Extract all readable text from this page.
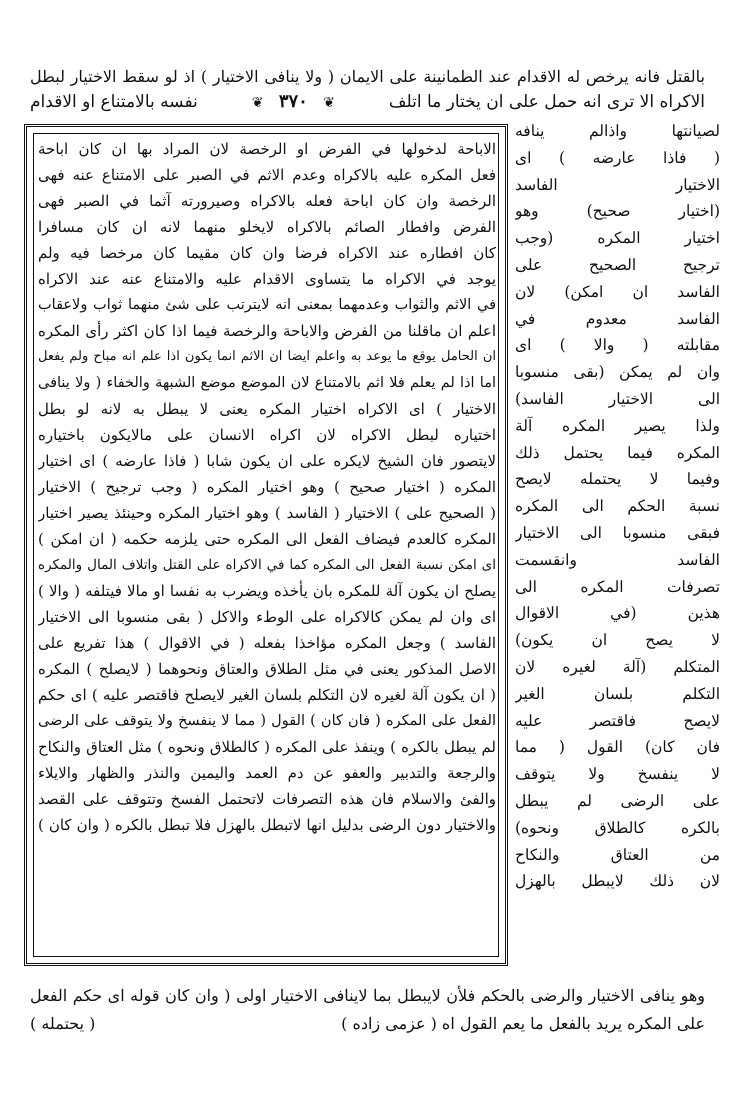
بالقتل فانه يرخص له الاقدام عند الطمانينة على الايمان ( ولا ينافى الاختيار ) اذ لو سقط الاختيار لبطل
الاكراه الا ترى انه حمل على ان يختار ما اتلف
❦ ٣٧٠ ❦
نفسه بالامتناع او الاقدام
لصيانتها واذالم ينافه
( فاذا عارضه ) اى
الاختيار الفاسد
(اختيار صحيح) وهو
اختيار المكره (وجب
ترجيح الصحيح على
الفاسد ان امكن) لان
الفاسد معدوم في
مقابلته ( والا ) اى
وان لم يمكن (بقى منسوبا
الى الاختيار الفاسد)
ولذا يصير المكره آلة
المكره فيما يحتمل ذلك
وفيما لا يحتمله لايصح
نسبة الحكم الى المكره
فبقى منسوبا الى الاختيار
الفاسد وانقسمت
تصرفات المكره الى
هذين (في الاقوال
لا يصح ان يكون)
المتكلم (آلة لغيره لان
التكلم بلسان الغير
لايصح فاقتصر عليه
فان كان) القول ( مما
لا ينفسخ ولا يتوقف
على الرضى لم يبطل
بالكره كالطلاق ونحوه)
من العتاق والنكاح
لان ذلك لايبطل بالهزل
الاباحة لدخولها في الفرض او الرخصة لان المراد بها ان كان اباحة
فعل المكره عليه بالاكراه وعدم الاثم في الصبر على الامتناع عنه فهى
الرخصة وان كان اباحة فعله بالاكراه وصيرورته آثما في الصبر فهى
الفرض وافطار الصائم بالاكراه لايخلو منهما لانه ان كان مسافرا
كان افطاره عند الاكراه فرضا وان كان مقيما كان مرخصا فيه ولم
يوجد في الاكراه ما يتساوى الاقدام عليه والامتناع عنه عند الاكراه
في الاثم والثواب وعدمهما بمعنى انه لايترتب على شئ منهما ثواب ولاعقاب
اعلم ان ماقلنا من الفرض والاباحة والرخصة فيما اذا كان اكثر رأى المكره
ان الحامل يوقع ما يوعد به واعلم ايضا ان الاثم انما يكون اذا علم انه مباح ولم يفعل
اما اذا لم يعلم فلا اثم بالامتناع لان الموضع موضع الشبهة والخفاء ( ولا ينافى
الاختيار ) اى الاكراه اختيار المكره يعنى لا يبطل به لانه لو بطل
اختياره لبطل الاكراه لان اكراه الانسان على مالايكون باختياره
لايتصور فان الشيخ لايكره على ان يكون شابا ( فاذا عارضه ) اى اختيار
المكره ( اختيار صحيح ) وهو اختيار المكره ( وجب ترجيح ) الاختيار
( الصحيح على ) الاختيار ( الفاسد ) وهو اختيار المكره وحينئذ يصير اختيار
المكره كالعدم فيضاف الفعل الى المكره حتى يلزمه حكمه ( ان امكن )
اى امكن نسبة الفعل الى المكره كما في الاكراه على القتل واتلاف المال والمكره
يصلح ان يكون آلة للمكره بان يأخذه ويضرب به نفسا او مالا فيتلفه ( والا )
اى وان لم يمكن كالاكراه على الوطء والاكل ( بقى منسوبا الى الاختيار
الفاسد ) وجعل المكره مؤاخذا بفعله ( في الاقوال ) هذا تفريع على
الاصل المذكور يعنى في مثل الطلاق والعتاق ونحوهما ( لايصلح ) المكره
( ان يكون آلة لغيره لان التكلم بلسان الغير لايصلح فاقتصر عليه ) اى حكم
الفعل على المكره ( فان كان ) القول ( مما لا ينفسخ ولا يتوقف على الرضى
لم يبطل بالكره ) وينفذ على المكره ( كالطلاق ونحوه ) مثل العتاق والنكاح
والرجعة والتدبير والعفو عن دم العمد واليمين والنذر والظهار والايلاء
والفئ والاسلام فان هذه التصرفات لاتحتمل الفسخ وتتوقف على القصد
والاختيار دون الرضى بدليل انها لاتبطل بالهزل فلا تبطل بالكره ( وان كان )
وهو ينافى الاختيار والرضى بالحكم فلأن لايبطل بما لاينافى الاختيار اولى ( وان كان قوله اى حكم الفعل
على المكره يريد بالفعل ما يعم القول اه ( عزمى زاده )
( يحتمله )
